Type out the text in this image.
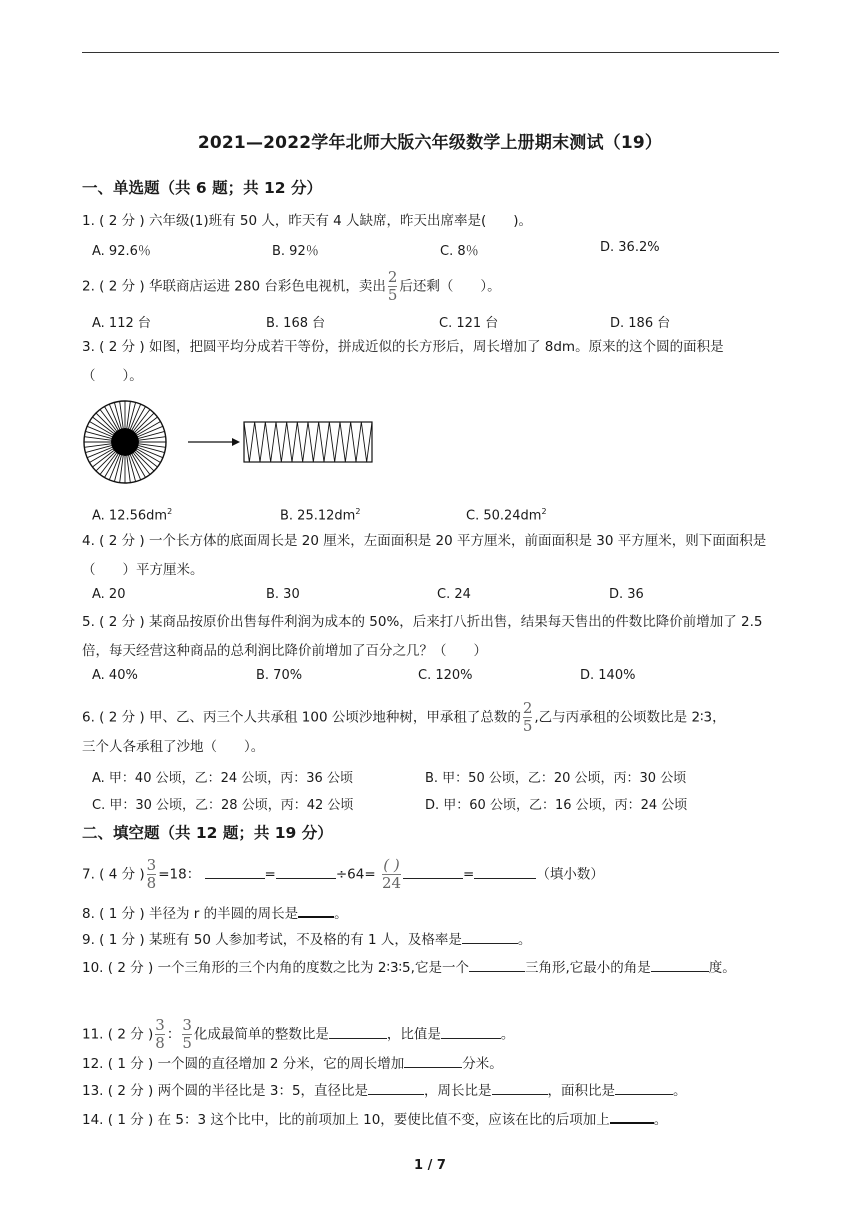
2021—2022学年北师大版六年级数学上册期末测试（19）
一、单选题（共 6 题；共 12 分）
1. ( 2 分 ) 六年级(1)班有 50 人，昨天有 4 人缺席，昨天出席率是(　　)。
A. 92.6％	B. 92％	C. 8％	D. 36.2%
2. ( 2 分 ) 华联商店运进 280 台彩色电视机，卖出 $\frac{2}{5}$ 后还剩（　　）。
A. 112 台	B. 168 台	C. 121 台	D. 186 台
3. ( 2 分 ) 如图，把圆平均分成若干等份，拼成近似的长方形后，周长增加了 8dm。原来的这个圆的面积是（　　）。
A. $12.56dm^2$	B. $25.12dm^2$	C. $50.24dm^2$
4. ( 2 分 ) 一个长方体的底面周长是 20 厘米，左面面积是 20 平方厘米，前面面积是 30 平方厘米，则下面面积是（　　）平方厘米。
A. 20	B. 30	C. 24	D. 36
5. ( 2 分 ) 某商品按原价出售每件利润为成本的 50%，后来打八折出售，结果每天售出的件数比降价前增加了 2.5 倍，每天经营这种商品的总利润比降价前增加了百分之几？（　　）
A. 40%	B. 70%	C. 120%	D. 140%
6. ( 2 分 ) 甲、乙、丙三个人共承租 100 公顷沙地种树，甲承租了总数的 $\frac{2}{5}$ ,乙与丙承租的公顷数比是 2∶3，
三个人各承租了沙地（　　）。
A. 甲：40 公顷，乙：24 公顷，丙：36 公顷	B. 甲：50 公顷，乙：20 公顷，丙：30 公顷
C. 甲：30 公顷，乙：28 公顷，丙：42 公顷	D. 甲：60 公顷，乙：16 公顷，丙：24 公顷
二、填空题（共 12 题；共 19 分）
7. ( 4 分 ) $\frac{3}{8} =18$：	=	$\div 64= \frac{( )}{24}$	=	（填小数）
8. ( 1 分 ) 半径为 r 的半圆的周长是	。
9. ( 1 分 ) 某班有 50 人参加考试，不及格的有 1 人，及格率是	。
10. ( 2 分 ) 一个三角形的三个内角的度数之比为 2∶3∶5,它是一个	三角形,它最小的角是	度。
11. ( 2 分 ) $\frac{3}{8}$ ： $\frac{3}{5}$ 化成最简单的整数比是	，比值是	。
12. ( 1 分 ) 一个圆的直径增加 2 分米，它的周长增加	分米。
13. ( 2 分 ) 两个圆的半径比是 3：5，直径比是	，周长比是	，面积比是	。
14. ( 1 分 ) 在 5：3 这个比中，比的前项加上 10，要使比值不变，应该在比的后项加上	。
1 / 7
